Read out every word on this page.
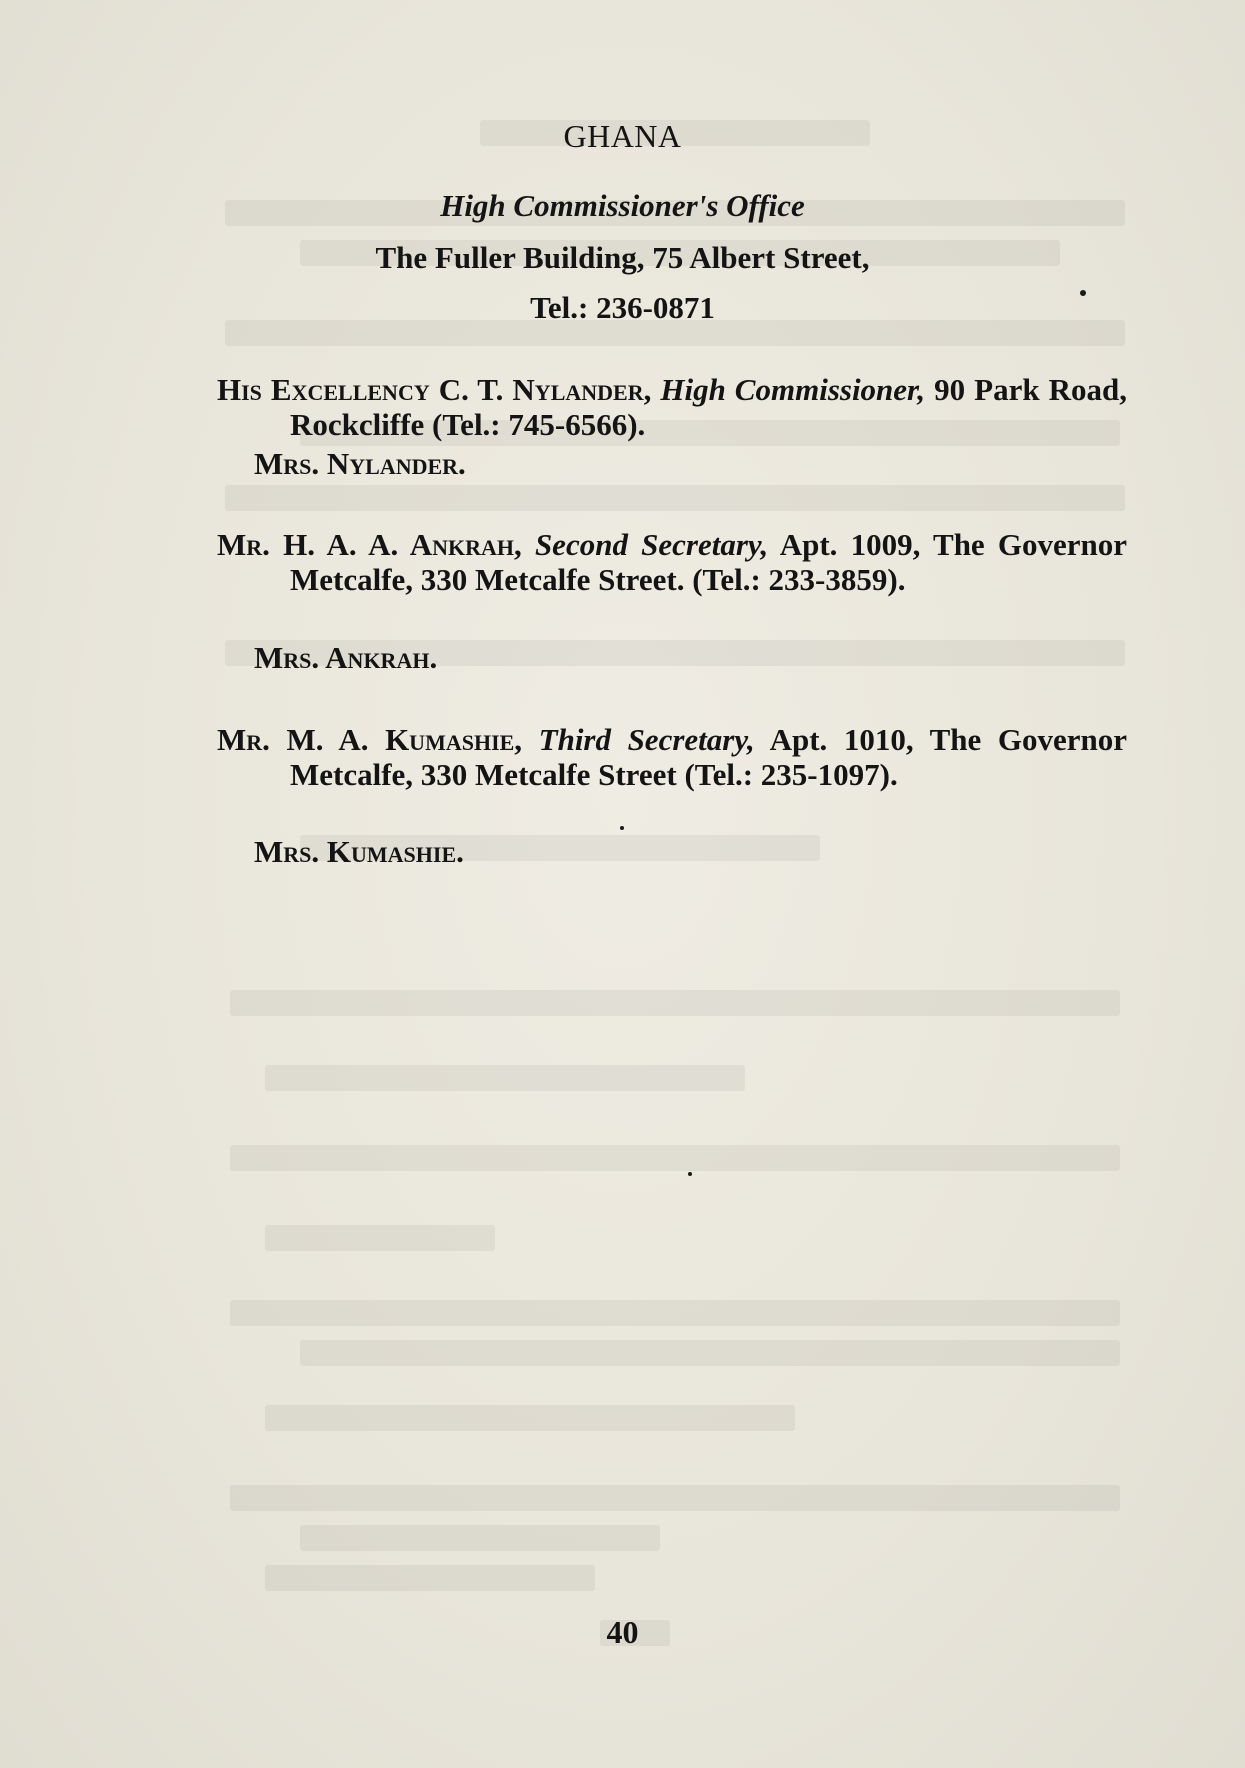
GHANA
High Commissioner's Office
The Fuller Building, 75 Albert Street,
Tel.: 236-0871
His Excellency C. T. Nylander, High Commissioner, 90 Park Road, Rockcliffe (Tel.: 745-6566).
Mrs. Nylander.
Mr. H. A. A. Ankrah, Second Secretary, Apt. 1009, The Governor Metcalfe, 330 Metcalfe Street. (Tel.: 233-3859).
Mrs. Ankrah.
Mr. M. A. Kumashie, Third Secretary, Apt. 1010, The Governor Metcalfe, 330 Metcalfe Street (Tel.: 235-1097).
Mrs. Kumashie.
40
